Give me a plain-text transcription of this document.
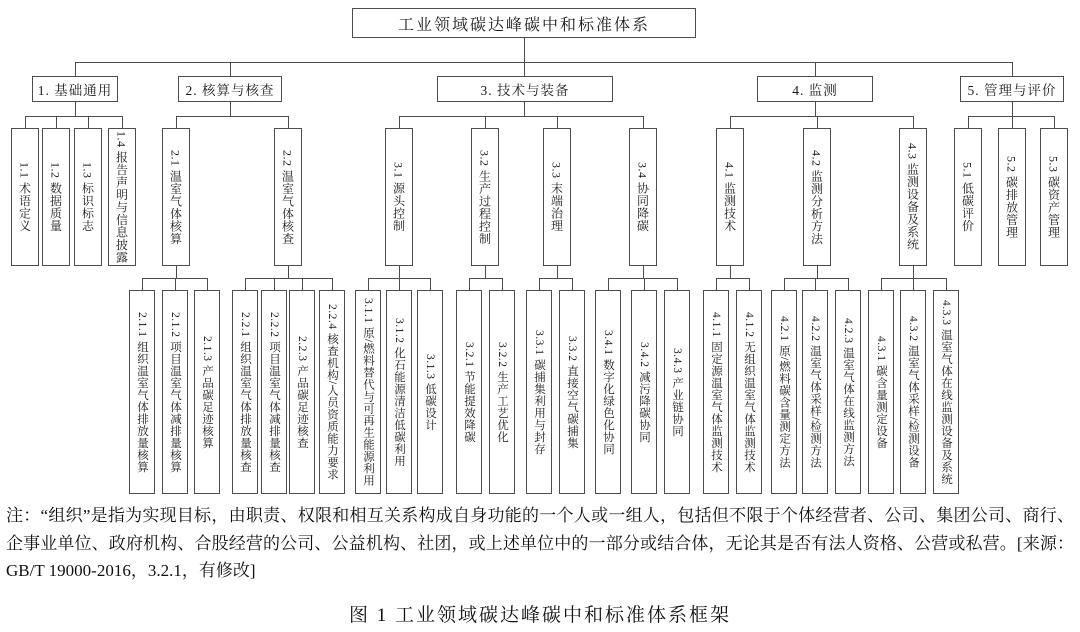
工业领域碳达峰碳中和标准体系
1. 基础通用	2. 核算与核查	3. 技术与装备	4. 监测	5. 管理与评价
1.1 术语定义 1.2 数据质量 1.3 标识标志 1.4 报告声明与信息披露	2.1 温室气体核算	2.2 温室气体核查	3.1 源头控制	3.2 生产过程控制	3.3 末端治理	3.4 协同降碳	4.1 监测技术	4.2 监测分析方法	4.3 监测设备及系统	5.1 低碳评价	5.2 碳排放管理 5.3 碳资产管理
2.1.1 组织温室气体排放量核算 2.1.2 项目温室气体减排量核算 2.1.3 产品碳足迹核算 2.2.1 组织温室气体排放量核查 2.2.2 项目温室气体减排量核查 2.2.3 产品碳足迹核查 2.2.4 核查机构/人员资质能力要求 3.1.1 原/燃料替代与可再生能源利用 3.1.2 化石能源清洁低碳利用 3.1.3 低碳设计 3.2.1 节能提效降碳 3.2.2 生产工艺优化 3.3.1 碳捕集利用与封存 3.3.2 直接空气碳捕集 3.4.1 数字化绿色化协同 3.4.2 减污降碳协同 3.4.3 产业链协同 4.1.1 固定源温室气体监测技术 4.1.2 无组织温室气体监测技术 4.2.1 原/燃料碳含量测定方法 4.2.2 温室气体采样/检测方法 4.2.3 温室气体在线监测方法 4.3.1 碳含量测定设备 4.3.2 温室气体采样/检测设备 4.3.3 温室气体在线监测设备及系统
注：“组织”是指为实现目标，由职责、权限和相互关系构成自身功能的一个人或一组人，包括但不限于个体经营者、公司、集团公司、商行、企事业单位、政府机构、合股经营的公司、公益机构、社团，或上述单位中的一部分或结合体，无论其是否有法人资格、公营或私营。[来源：GB/T 19000-2016，3.2.1，有修改]
图 1 工业领域碳达峰碳中和标准体系框架
